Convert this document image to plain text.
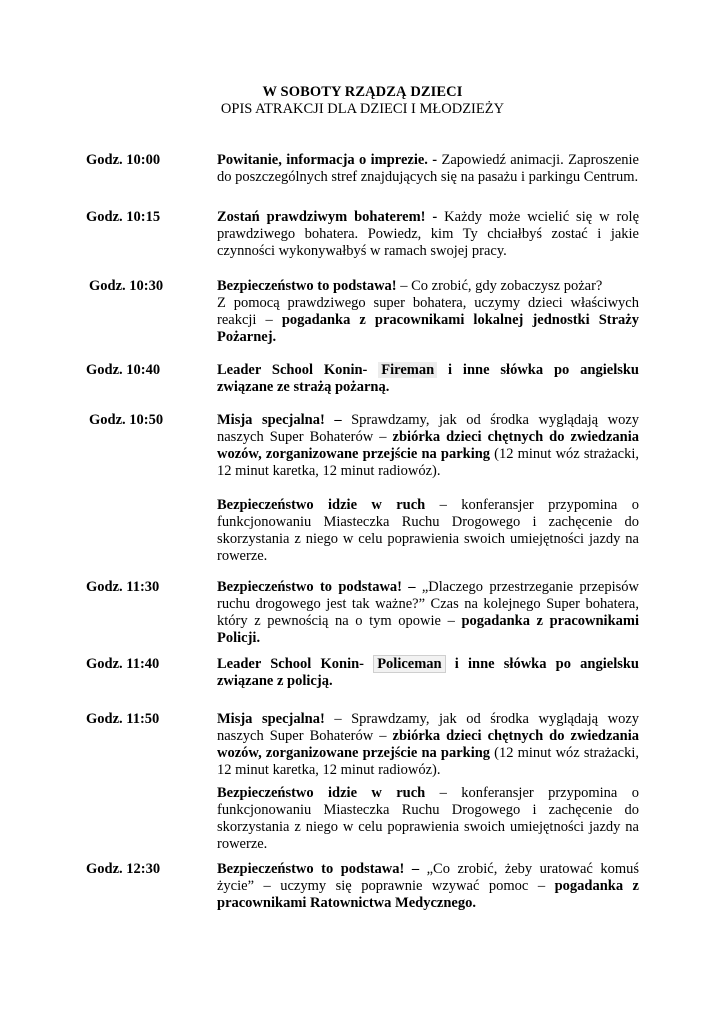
W SOBOTY RZĄDZĄ DZIECI
OPIS ATRAKCJI DLA DZIECI I MŁODZIEŻY
Godz. 10:00	Powitanie, informacja o imprezie. - Zapowiedź animacji. Zaproszenie do poszczególnych stref znajdujących się na pasażu i parkingu Centrum.
Godz. 10:15	Zostań prawdziwym bohaterem! - Każdy może wcielić się w rolę prawdziwego bohatera. Powiedz, kim Ty chciałbyś zostać i jakie czynności wykonywałbyś w ramach swojej pracy.
Godz. 10:30	Bezpieczeństwo to podstawa! – Co zrobić, gdy zobaczysz pożar?

Z pomocą prawdziwego super bohatera, uczymy dzieci właściwych reakcji – pogadanka z pracownikami lokalnej jednostki Straży Pożarnej.

Godz. 10:40	Leader School Konin- Fireman i inne słówka po angielsku związane ze strażą pożarną.
Godz. 10:50	Misja specjalna! – Sprawdzamy, jak od środka wyglądają wozy naszych Super Bohaterów – zbiórka dzieci chętnych do zwiedzania wozów, zorganizowane przejście na parking (12 minut wóz strażacki, 12 minut karetka, 12 minut radiowóz).

Bezpieczeństwo idzie w ruch – konferansjer przypomina o funkcjonowaniu Miasteczka Ruchu Drogowego i zachęcenie do skorzystania z niego w celu poprawienia swoich umiejętności jazdy na rowerze.

Godz. 11:30	Bezpieczeństwo to podstawa! – „Dlaczego przestrzeganie przepisów ruchu drogowego jest tak ważne?” Czas na kolejnego Super bohatera, który z pewnością na o tym opowie – pogadanka z pracownikami Policji.
Godz. 11:40	Leader School Konin- Policeman i inne słówka po angielsku związane z policją.
Godz. 11:50	Misja specjalna! – Sprawdzamy, jak od środka wyglądają wozy naszych Super Bohaterów – zbiórka dzieci chętnych do zwiedzania wozów, zorganizowane przejście na parking (12 minut wóz strażacki, 12 minut karetka, 12 minut radiowóz).

Bezpieczeństwo idzie w ruch – konferansjer przypomina o funkcjonowaniu Miasteczka Ruchu Drogowego i zachęcenie do skorzystania z niego w celu poprawienia swoich umiejętności jazdy na rowerze.

Godz. 12:30	Bezpieczeństwo to podstawa! – „Co zrobić, żeby uratować komuś życie” – uczymy się poprawnie wzywać pomoc – pogadanka z pracownikami Ratownictwa Medycznego.
